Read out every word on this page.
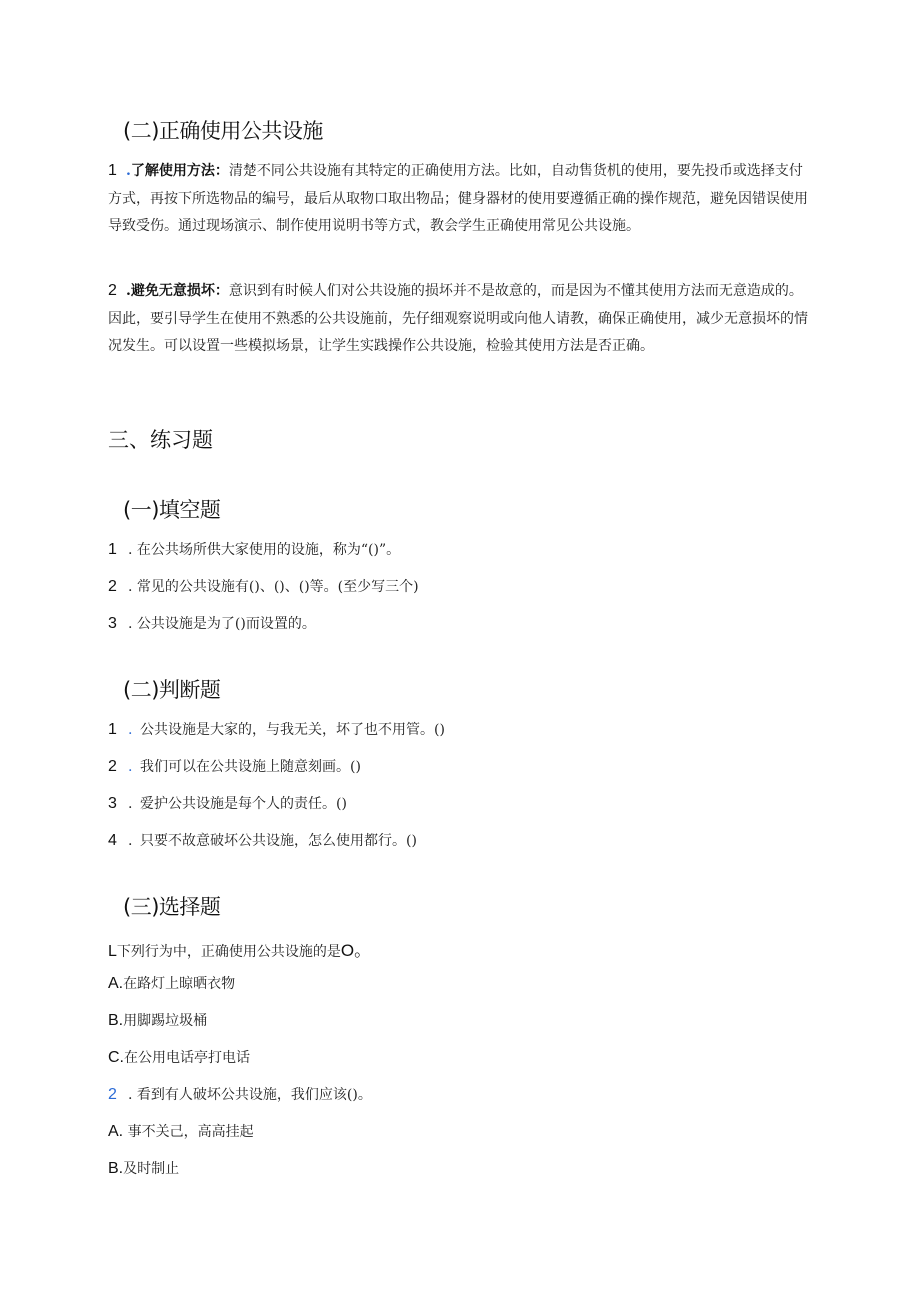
(二)正确使用公共设施
1 .了解使用方法：清楚不同公共设施有其特定的正确使用方法。比如，自动售货机的使用，要先投币或选择支付方式，再按下所选物品的编号，最后从取物口取出物品；健身器材的使用要遵循正确的操作规范，避免因错误使用导致受伤。通过现场演示、制作使用说明书等方式，教会学生正确使用常见公共设施。
2 .避免无意损坏：意识到有时候人们对公共设施的损坏并不是故意的，而是因为不懂其使用方法而无意造成的。因此，要引导学生在使用不熟悉的公共设施前，先仔细观察说明或向他人请教，确保正确使用，减少无意损坏的情况发生。可以设置一些模拟场景，让学生实践操作公共设施，检验其使用方法是否正确。
三、练习题
(一)填空题
1 . 在公共场所供大家使用的设施，称为“()”。
2 . 常见的公共设施有()、()、()等。(至少写三个)
3 . 公共设施是为了()而设置的。
(二)判断题
1 . 公共设施是大家的，与我无关，坏了也不用管。()
2 . 我们可以在公共设施上随意刻画。()
3 . 爱护公共设施是每个人的责任。()
4 . 只要不故意破坏公共设施，怎么使用都行。()
(三)选择题
L下列行为中，正确使用公共设施的是O。
A.在路灯上晾晒衣物
B.用脚踢垃圾桶
C.在公用电话亭打电话
2 . 看到有人破坏公共设施，我们应该()。
A. 事不关己，高高挂起
B.及时制止
